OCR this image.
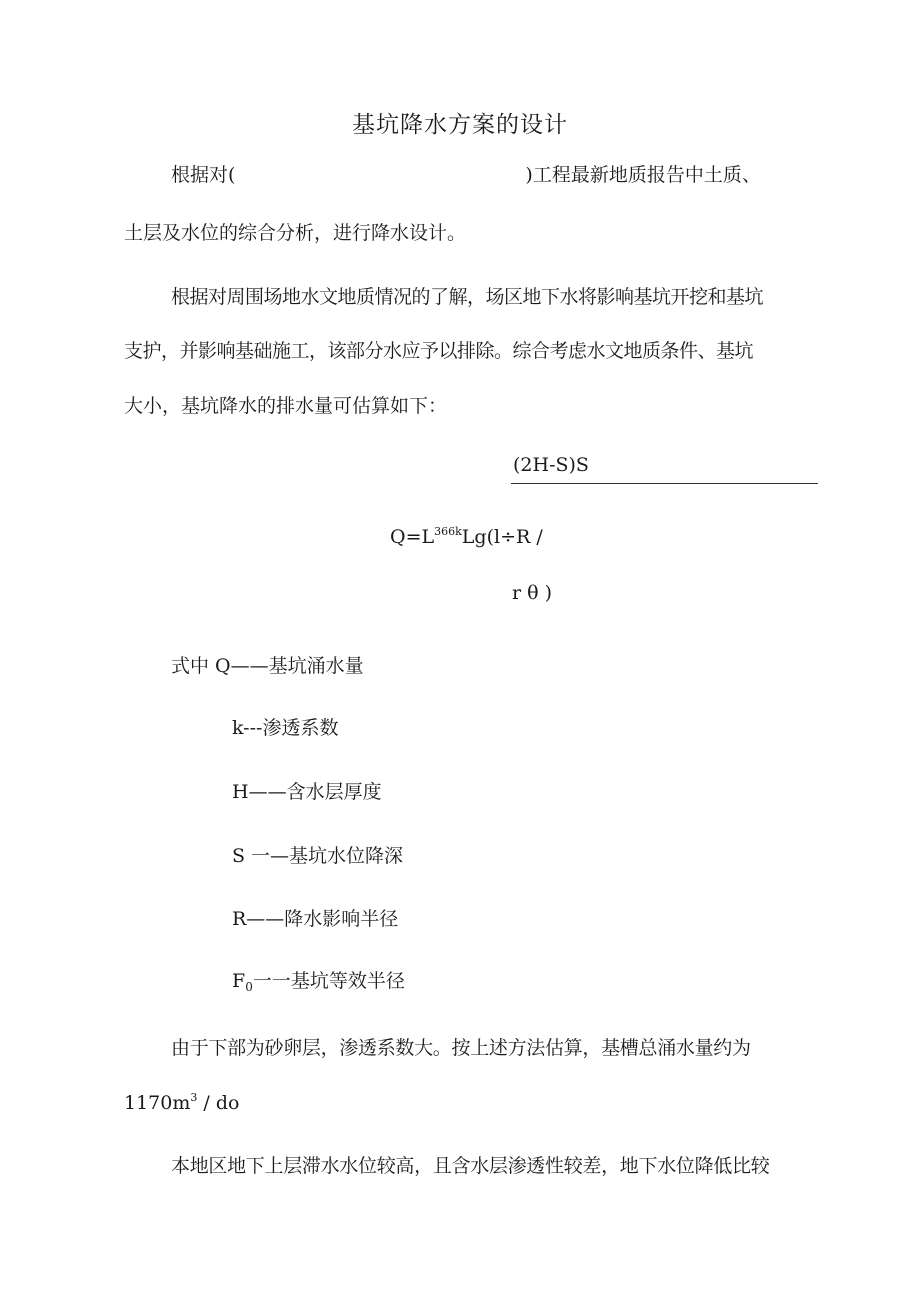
基坑降水方案的设计
根据对(	)工程最新地质报告中土质、
土层及水位的综合分析，进行降水设计。
根据对周围场地水文地质情况的了解，场区地下水将影响基坑开挖和基坑
支护，并影响基础施工，该部分水应予以排除。综合考虑水文地质条件、基坑
大小，基坑降水的排水量可估算如下：
(2H-S)S
$Q=L^{366k}Lg(l\div R$ /
r θ )
式中 Q——基坑涌水量
k---渗透系数
H——含水层厚度
S 一—基坑水位降深
R——降水影响半径
$F_0$一一基坑等效半径
由于下部为砂卵层，渗透系数大。按上述方法估算，基槽总涌水量约为
$1170m^3$ / do
本地区地下上层滞水水位较高，且含水层渗透性较差，地下水位降低比较
